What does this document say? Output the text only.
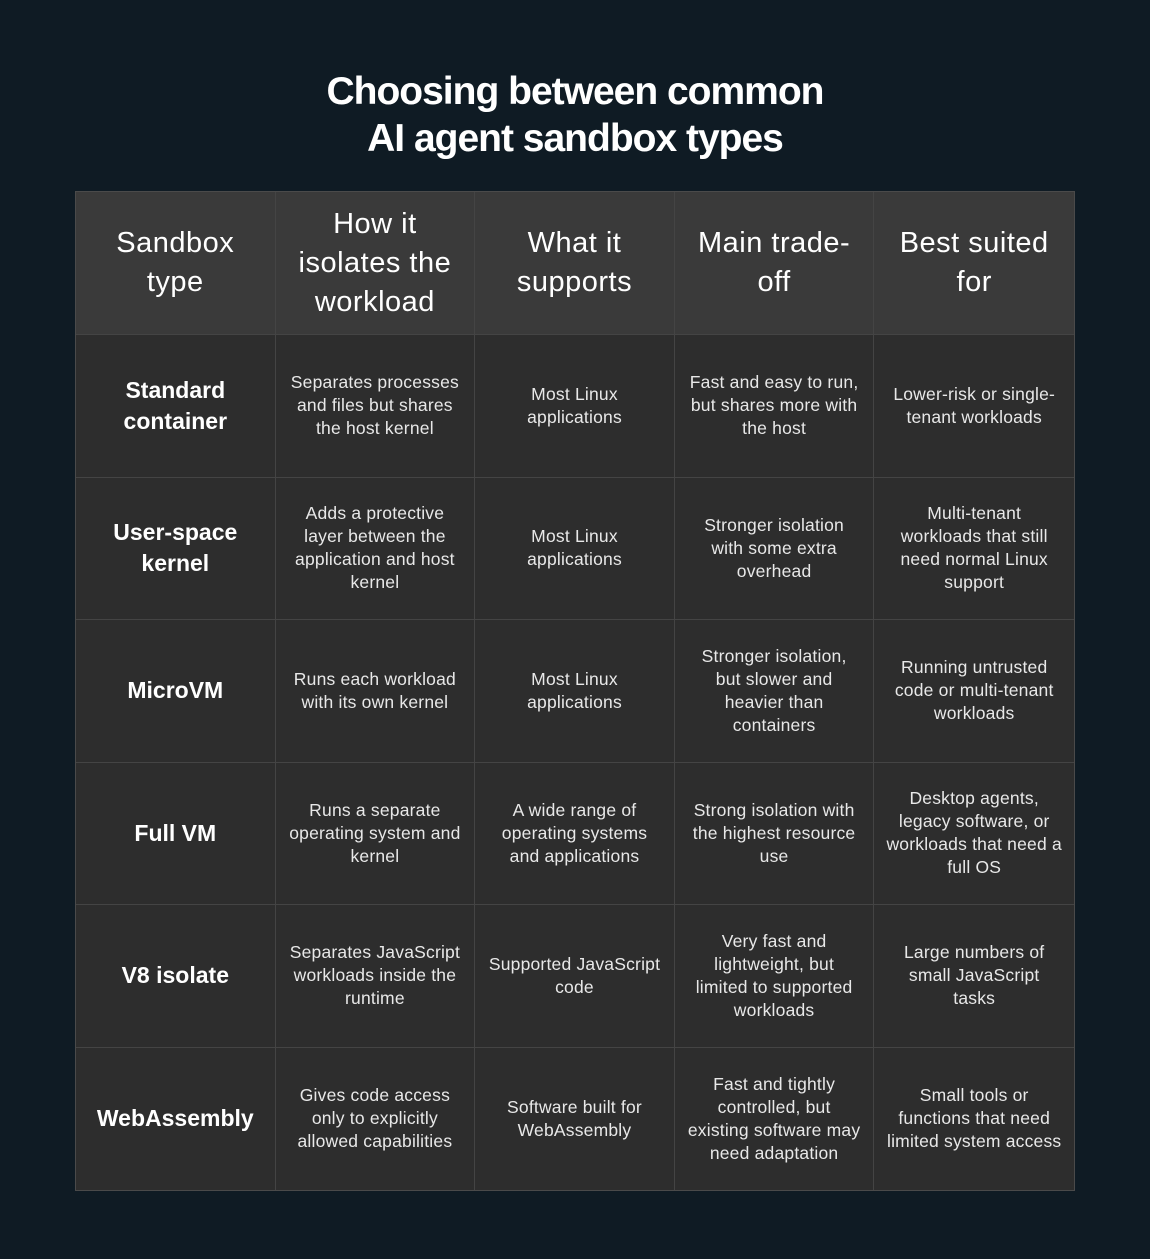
Choosing between common
AI agent sandbox types
Sandbox type
How it isolates the workload
What it supports
Main trade-off
Best suited for
Standard container
Separates processes and files but shares the host kernel
Most Linux applications
Fast and easy to run, but shares more with the host
Lower-risk or single-tenant workloads
User-space kernel
Adds a protective layer between the application and host kernel
Most Linux applications
Stronger isolation with some extra overhead
Multi-tenant workloads that still need normal Linux support
MicroVM	Runs each workload with its own kernel
Most Linux applications
Stronger isolation, but slower and heavier than containers
Running untrusted code or multi-tenant workloads
Full VM
Runs a separate operating system and kernel
A wide range of operating systems and applications
Strong isolation with the highest resource use
Desktop agents, legacy software, or workloads that need a full OS
V8 isolate
Separates JavaScript workloads inside the runtime
Supported JavaScript code
Very fast and lightweight, but limited to supported workloads
Large numbers of small JavaScript tasks
WebAssembly
Gives code access only to explicitly allowed capabilities
Software built for WebAssembly
Fast and tightly controlled, but existing software may need adaptation
Small tools or functions that need limited system access
